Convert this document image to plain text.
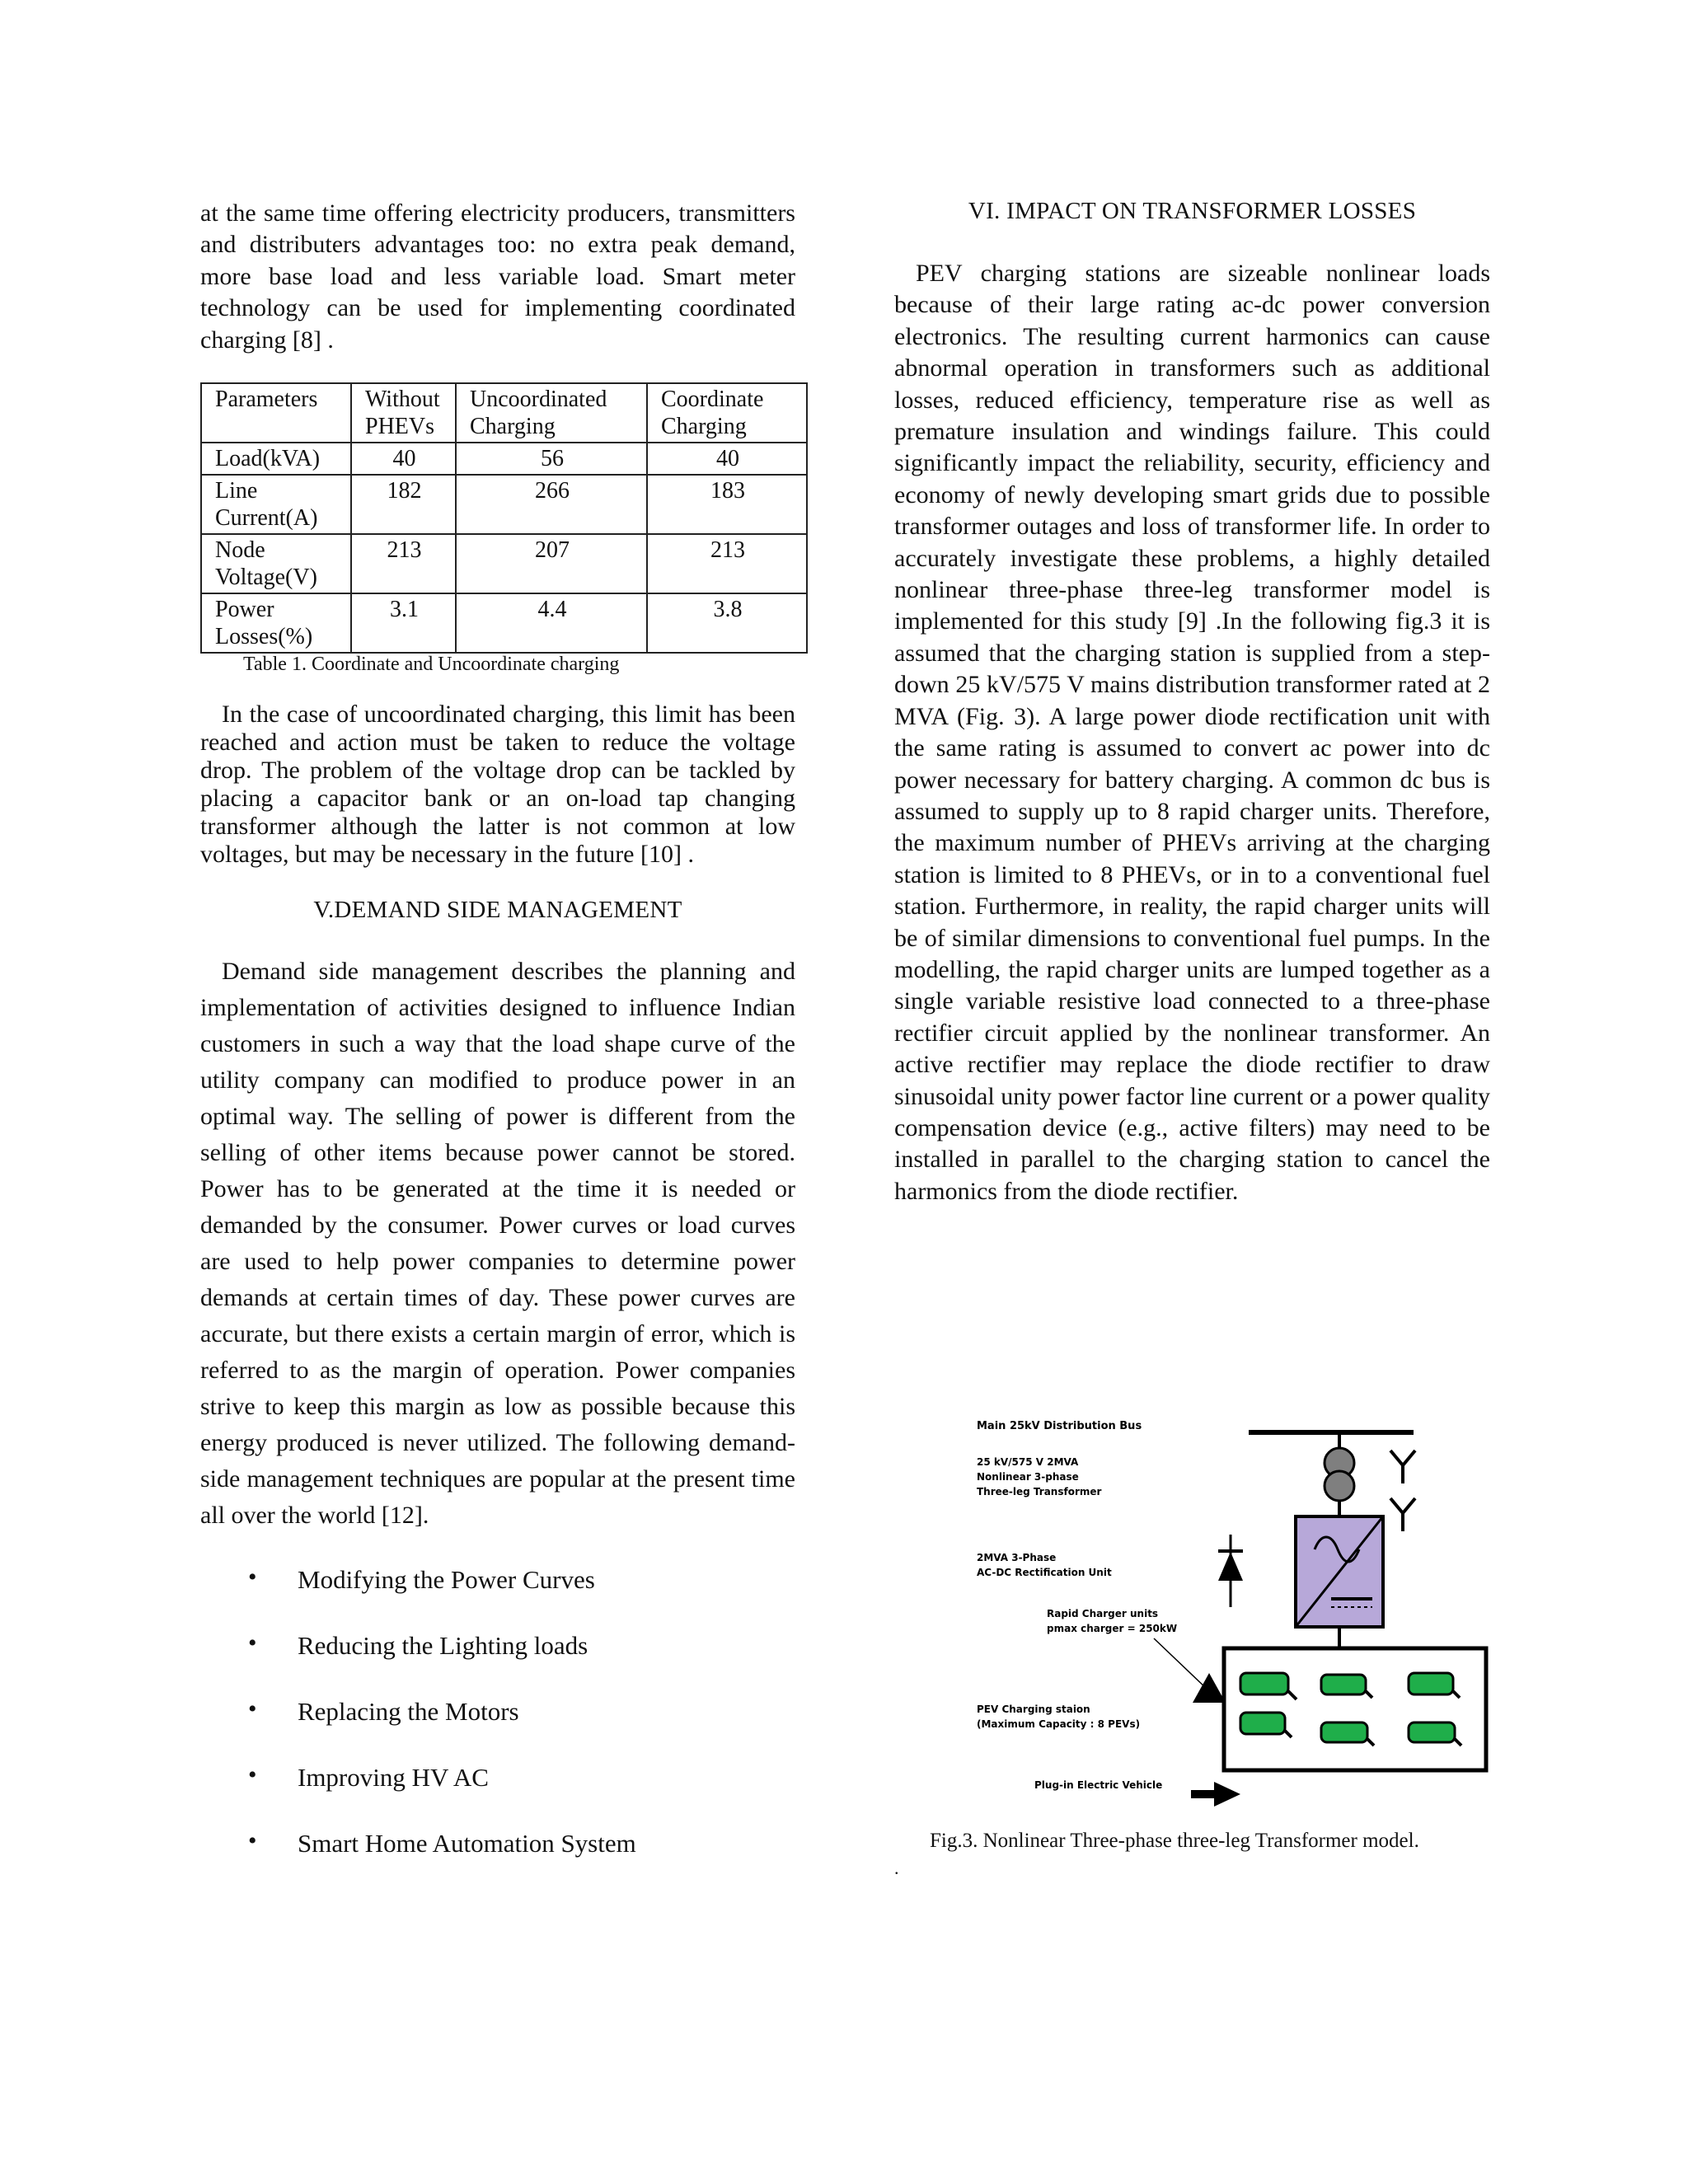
at the same time offering electricity producers, transmitters and distributers advantages too: no extra peak demand, more base load and less variable load. Smart meter technology can be used for implementing coordinated charging [8] .

Parameters	Without PHEVs	Uncoordinated Charging	Coordinate Charging
Load(kVA)	40	56	40
Line Current(A)	182	266	183
Node Voltage(V)	213	207	213
Power Losses(%)	3.1	4.4	3.8

Table 1. Coordinate and Uncoordinate charging

In the case of uncoordinated charging, this limit has been reached and action must be taken to reduce the voltage drop. The problem of the voltage drop can be tackled by placing a capacitor bank or an on-load tap changing transformer although the latter is not common at low voltages, but may be necessary in the future [10] .

V.DEMAND SIDE MANAGEMENT

Demand side management describes the planning and implementation of activities designed to influence Indian customers in such a way that the load shape curve of the utility company can modified to produce power in an optimal way. The selling of power is different from the selling of other items because power cannot be stored. Power has to be generated at the time it is needed or demanded by the consumer. Power curves or load curves are used to help power companies to determine power demands at certain times of day. These power curves are accurate, but there exists a certain margin of error, which is referred to as the margin of operation. Power companies strive to keep this margin as low as possible because this energy produced is never utilized. The following demand-side management techniques are popular at the present time all over the world [12].

• Modifying the Power Curves
• Reducing the Lighting loads
• Replacing the Motors
• Improving HV AC
• Smart Home Automation System

VI. IMPACT ON TRANSFORMER LOSSES

PEV charging stations are sizeable nonlinear loads because of their large rating ac-dc power conversion electronics. The resulting current harmonics can cause abnormal operation in transformers such as additional losses, reduced efficiency, temperature rise as well as premature insulation and windings failure. This could significantly impact the reliability, security, efficiency and economy of newly developing smart grids due to possible transformer outages and loss of transformer life. In order to accurately investigate these problems, a highly detailed nonlinear three-phase three-leg transformer model is implemented for this study [9] .In the following fig.3 it is assumed that the charging station is supplied from a step-down 25 kV/575 V mains distribution transformer rated at 2 MVA (Fig. 3). A large power diode rectification unit with the same rating is assumed to convert ac power into dc power necessary for battery charging. A common dc bus is assumed to supply up to 8 rapid charger units. Therefore, the maximum number of PHEVs arriving at the charging station is limited to 8 PHEVs, or in to a conventional fuel station. Furthermore, in reality, the rapid charger units will be of similar dimensions to conventional fuel pumps. In the modelling, the rapid charger units are lumped together as a single variable resistive load connected to a three-phase rectifier circuit applied by the nonlinear transformer. An active rectifier may replace the diode rectifier to draw sinusoidal unity power factor line current or a power quality compensation device (e.g., active filters) may need to be installed in parallel to the charging station to cancel the harmonics from the diode rectifier.

Main 25kV Distribution Bus
25 kV/575 V 2MVA
Nonlinear 3-phase
Three-leg Transformer
2MVA 3-Phase
AC-DC Rectification Unit
Rapid Charger units
pmax charger = 250kW
PEV Charging staion
(Maximum Capacity : 8 PEVs)
Plug-in Electric Vehicle
Fig.3. Nonlinear Three-phase three-leg Transformer model.
.
